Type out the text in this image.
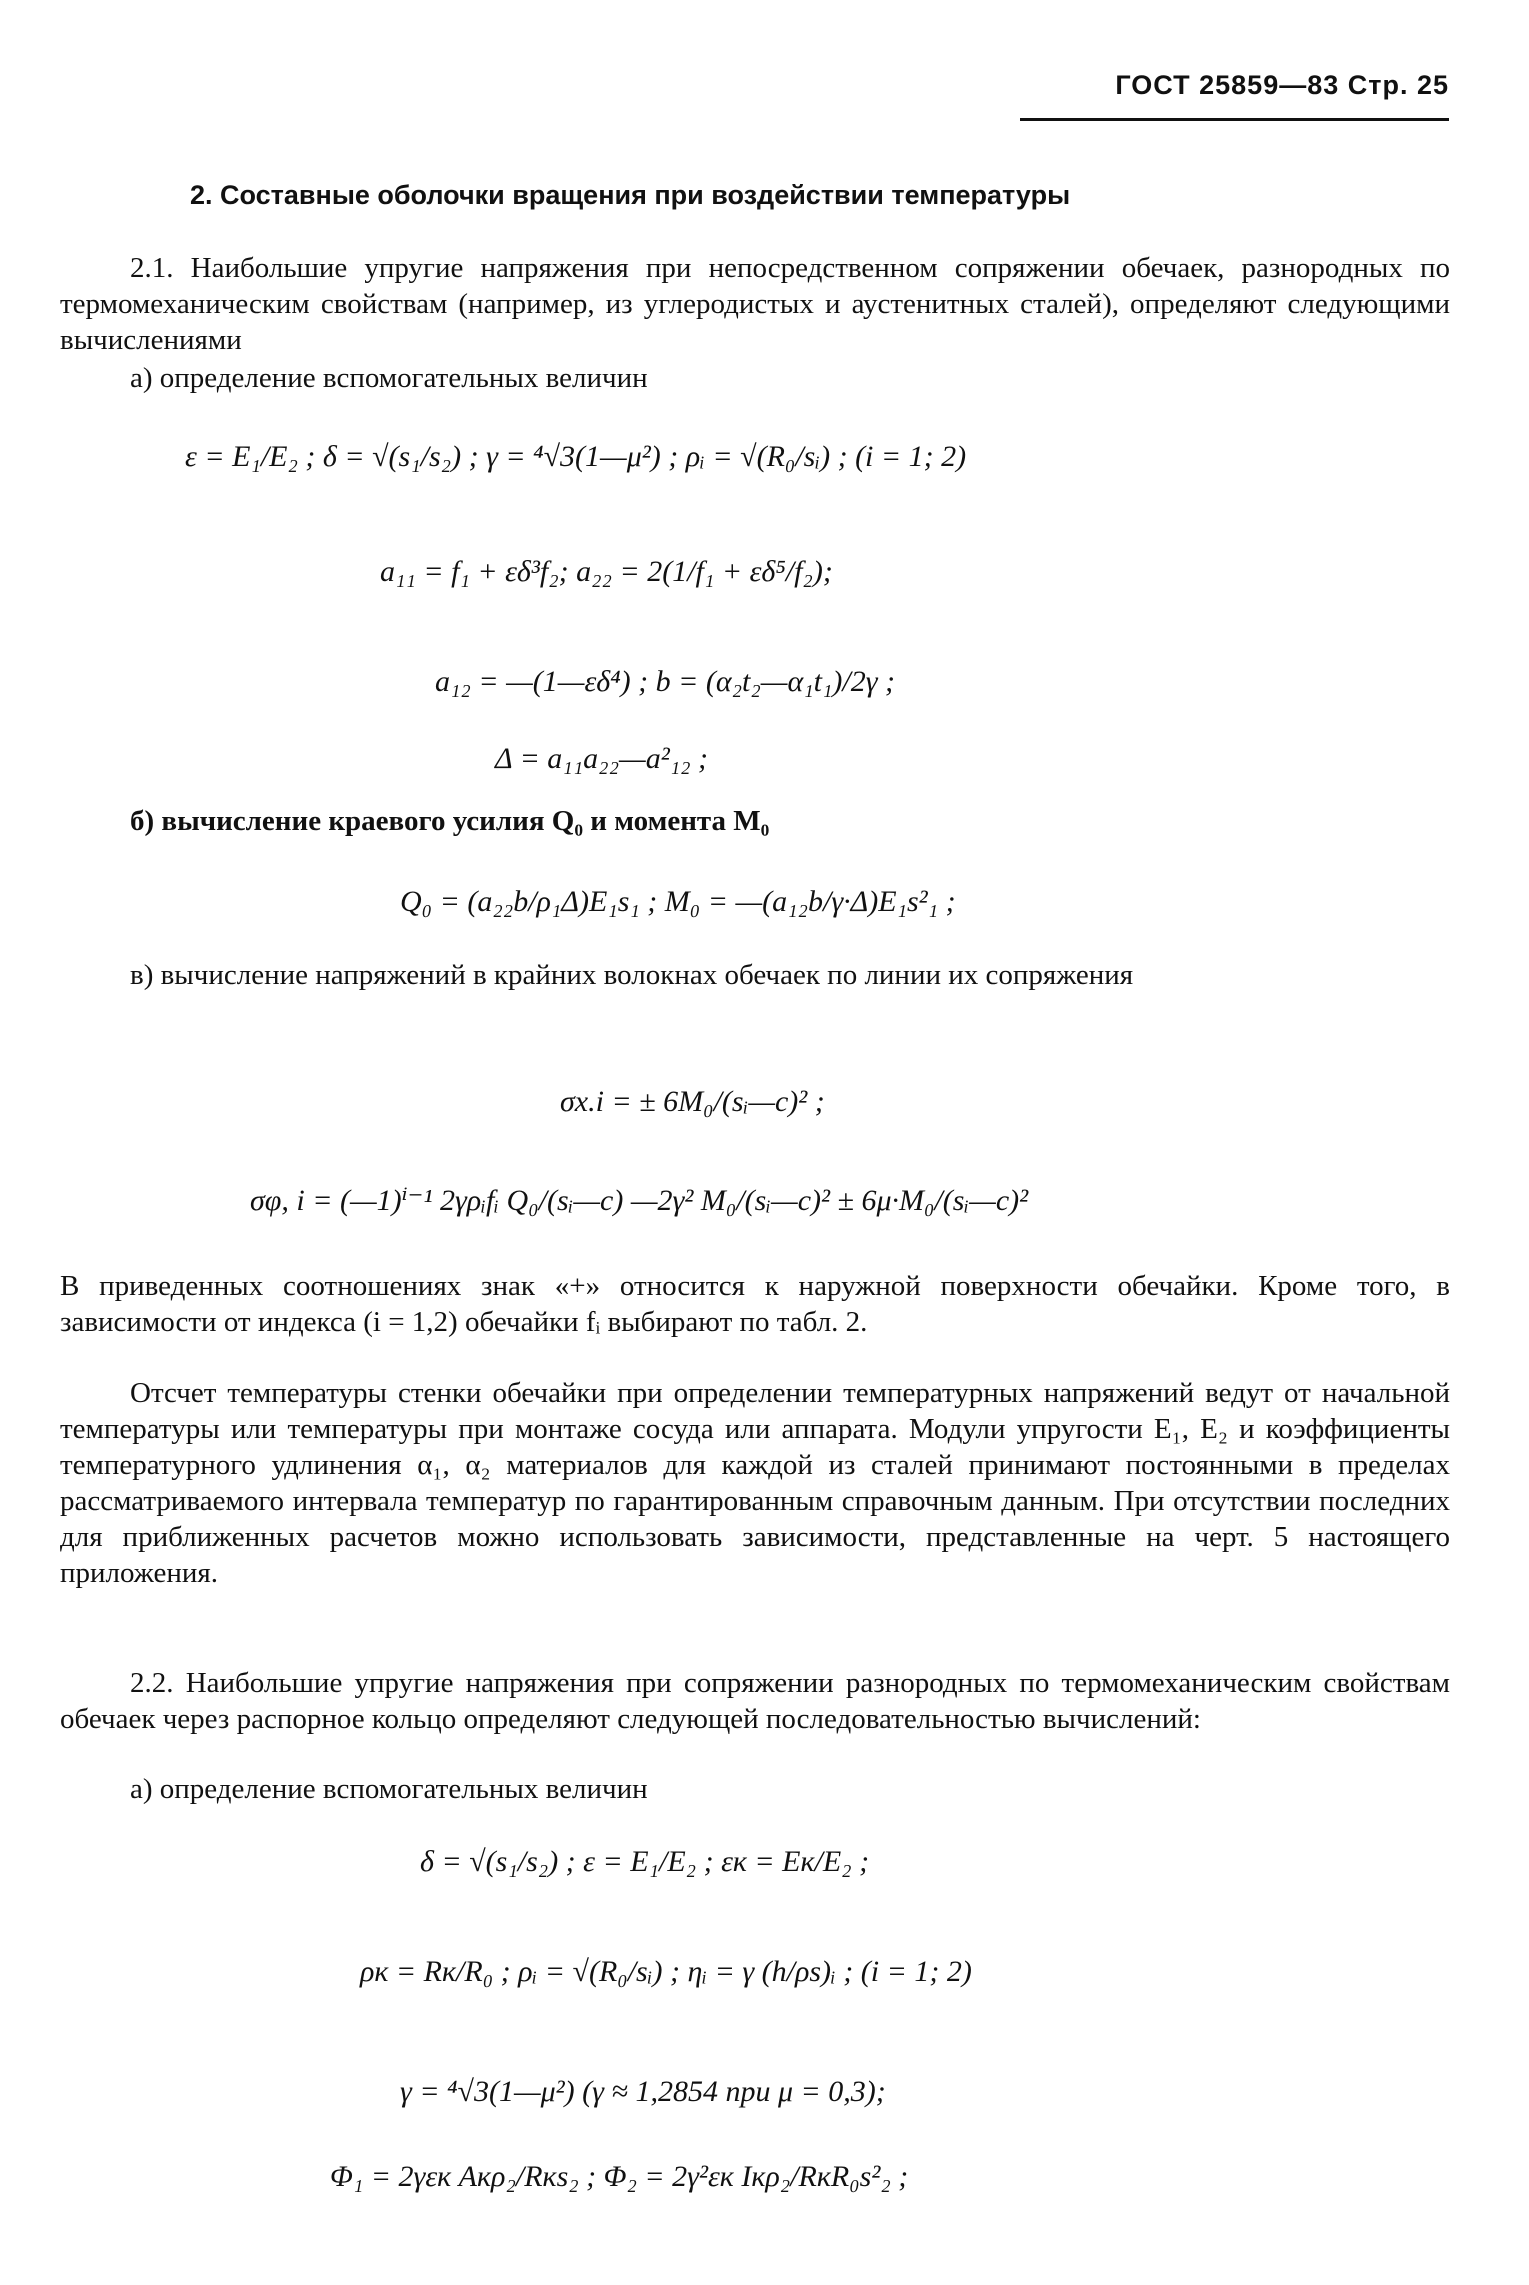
ГОСТ 25859—83 Стр. 25
2. Составные оболочки вращения при воздействии температуры
2.1. Наибольшие упругие напряжения при непосредственном сопряжении обечаек, разнородных по термомеханическим свойствам (например, из углеродистых и аустенитных сталей), определяют следующими вычислениями
а) определение вспомогательных величин
ε = E₁/E₂ ; δ = √(s₁/s₂) ; γ = ⁴√3(1—μ²) ; ρᵢ = √(R₀/sᵢ) ; (i = 1; 2)
a₁₁ = f₁ + εδ³f₂; a₂₂ = 2(1/f₁ + εδ⁵/f₂);
a₁₂ = —(1—εδ⁴) ; b = (α₂t₂—α₁t₁)/2γ ;
Δ = a₁₁a₂₂—a²₁₂ ;
б) вычисление краевого усилия Q₀ и момента M₀
Q₀ = (a₂₂b/ρ₁Δ)E₁s₁ ; M₀ = —(a₁₂b/γ·Δ)E₁s²₁ ;
в) вычисление напряжений в крайних волокнах обечаек по линии их сопряжения
σx.i = ± 6M₀/(sᵢ—c)² ;
σφ, i = (—1)ⁱ⁻¹ 2γρᵢfᵢ Q₀/(sᵢ—c) —2γ² M₀/(sᵢ—c)² ± 6μ·M₀/(sᵢ—c)²
В приведенных соотношениях знак «+» относится к наружной поверхности обечайки. Кроме того, в зависимости от индекса (i = 1,2) обечайки fᵢ выбирают по табл. 2.
Отсчет температуры стенки обечайки при определении температурных напряжений ведут от начальной температуры или температуры при монтаже сосуда или аппарата. Модули упругости E₁, E₂ и коэффициенты температурного удлинения α₁, α₂ материалов для каждой из сталей принимают постоянными в пределах рассматриваемого интервала температур по гарантированным справочным данным. При отсутствии последних для приближенных расчетов можно использовать зависимости, представленные на черт. 5 настоящего приложения.
2.2. Наибольшие упругие напряжения при сопряжении разнородных по термомеханическим свойствам обечаек через распорное кольцо определяют следующей последовательностью вычислений:
а) определение вспомогательных величин
δ = √(s₁/s₂) ; ε = E₁/E₂ ; εк = Eк/E₂ ;
ρк = Rк/R₀ ; ρᵢ = √(R₀/sᵢ) ; ηᵢ = γ (h/ρs)ᵢ ; (i = 1; 2)
γ = ⁴√3(1—μ²) (γ ≈ 1,2854 при μ = 0,3);
Φ₁ = 2γεк Aкρ₂/Rкs₂ ; Φ₂ = 2γ²εк Iкρ₂/RкR₀s²₂ ;
